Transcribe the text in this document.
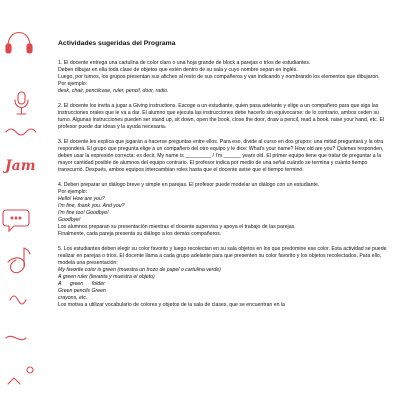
Jam
Actividades sugeridas del Programa

1. El docente entrega una cartulina de color claro o una hoja grande de block a parejas o tríos de estudiantes.

Deben dibujar en ella toda clase de objetos que estén dentro de su sala y cuyo nombre sepan en inglés.

Luego, por turnos, los grupos presentan sus afiches al resto de sus compañeros y van indicando y nombrando los elementos que dibujaron.

Por ejemplo:

desk, chair, pencilcase, ruler, pencil, door, radio.

2. El docente los invita a jugar a Giving instructions. Escoge a un estudiante, quien pasa adelante y elige a un compañero para que siga las instrucciones orales que le va a dar. El alumno que ejecuta las instrucciones debe hacerlo sin equivocarse: de lo contrario, ambos ceden su turno. Algunas instrucciones pueden ser stand up, sit down, open the book, close the door, draw a pencil, read a book, raise your hand, etc. El profesor puede dar ideas y la ayuda necesaria.

3. El docente les explica que jugarán a hacerse preguntas entre ellos. Para eso, divide al curso en dos grupos: una mitad preguntará y la otra responderá. El grupo que pregunta elige a un compañero del otro equipo y le dice: What's your name? How old are you? Quienes responden, deben usar la expresión correcta: es decir, My name is _________ / I'm ______ years old. El primer equipo tiene que tratar de preguntar a la mayor cantidad posible de alumnos del equipo contrario. El profesor indica por medio de una señal cuándo se termina y cuánto tiempo transcurrió. Después, ambos equipos intercambian roles hasta que el docente avise que el tiempo terminó.

4. Deben preparar un diálogo breve y simple en parejas. El profesor puede modelar un diálogo con un estudiante.

Por ejemplo:

Hello! How are you?

I'm fine, thank you. And you?

I'm fine too! Goodbye!

Goodbye!

Los alumnos preparan su presentación mientras el docente supervisa y apoya el trabajo de las parejas.

Finalmente, cada pareja presenta su diálogo a los demás compañeros.

5. Los estudiantes deben elegir su color favorito y luego recolectan en su sala objetos en los que predomine ese color. Esta actividad se puede realizar en parejas o tríos. El docente llama a cada grupo adelante para que presenten su color favorito y los objetos recolectados. Para ello, modela una presentación:

My favorite color is green (muestra un trozo de papel o cartulina verde)

A green ruler (levanta y muestra el objeto)

A      green      folder

Green pencils Green

crayons, etc.

Los motiva a utilizar vocabulario de colores y objetos de la sala de clases, que se encuentran en la
